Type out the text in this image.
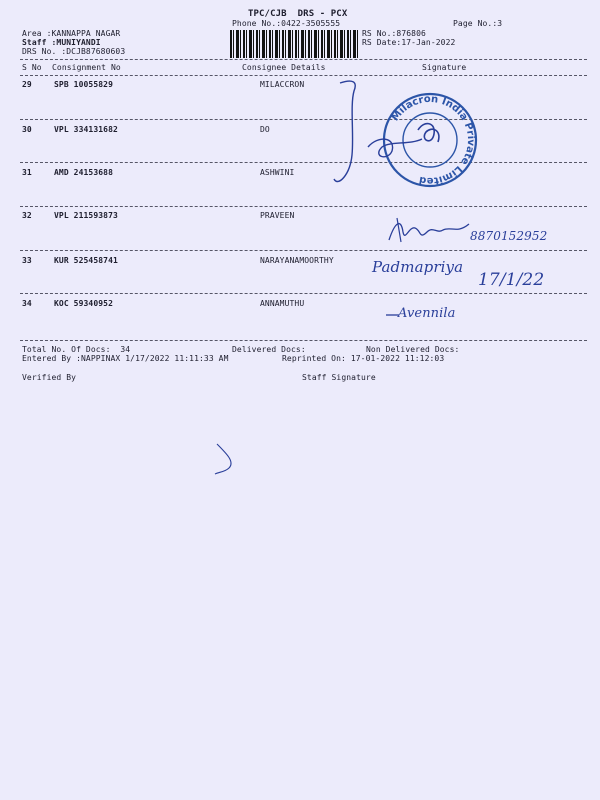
TPC/CJB  DRS - PCX
Phone No.:0422-3505555	Page No.:3
Area :KANNAPPA NAGAR
Staff :MUNIYANDI
DRS No. :DCJB87680603
RS No.:876806
RS Date:17-Jan-2022
S No Consignment No	Consignee Details	Signature
29	SPB 10055829	MILACCRON
30	VPL 334131682	DO
31	AMD 24153688	ASHWINI
32	VPL 211593873	PRAVEEN
33	KUR 525458741	NARAYANAMOORTHY
34	KOC 59340952	ANNAMUTHU
Total No. Of Docs:  34	Delivered Docs:	Non Delivered Docs:
Entered By :NAPPINAX 1/17/2022 11:11:33 AM	Reprinted On: 17-01-2022 11:12:03
Verified By	Staff Signature
Milacron India Private Limited
8870152952
Padmapriya
17/1/22
Avennila
